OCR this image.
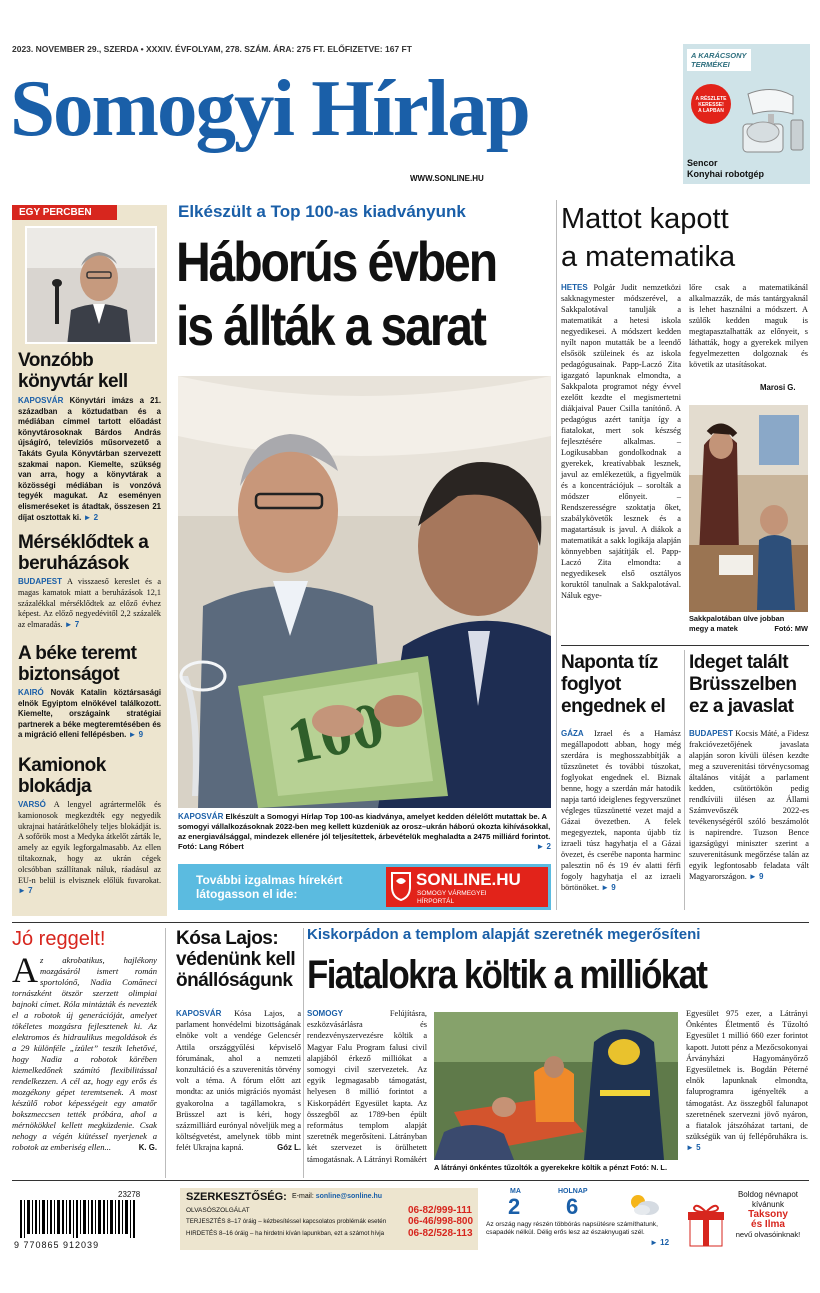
2023. NOVEMBER 29., SZERDA • XXXIV. ÉVFOLYAM, 278. SZÁM. ÁRA: 275 FT. ELŐFIZETVE: 167 FT
Somogyi Hírlap
WWW.SONLINE.HU
A KARÁCSONY
TERMÉKEI
A RÉSZLETE
KERESSE!
A LAPBAN
Sencor
Konyhai robotgép
EGY PERCBEN
Vonzóbb könyvtár kell
KAPOSVÁR Könyvtári imázs a 21. században a köztudatban és a médiában címmel tartott előadást könyvtárosoknak Bárdos András újságíró, televíziós műsorvezető a Takáts Gyula Könyvtárban szervezett szakmai napon. Kiemelte, szükség van arra, hogy a könyvtárak a közösségi médiában is vonzóvá tegyék magukat. Az eseményen elismeréseket is átadtak, összesen 21 díjat osztottak ki. ► 2
Mérséklődtek a beruházások
BUDAPEST A visszaeső kereslet és a magas kamatok miatt a beruházások 12,1 százalékkal mérséklődtek az előző évhez képest. Az előző negyedévitől 2,2 százalék az elmaradás. ► 7
A béke teremt biztonságot
KAIRÓ Novák Katalin köztársasági elnök Egyiptom elnökével találkozott. Kiemelte, országaink stratégiai partnerek a béke megteremtésében és a migráció elleni fellépésben. ► 9
Kamionok blokádja
VARSÓ A lengyel agrártermelők és kamionosok megkezdték egy negyedik ukrajnai határátkelőhely teljes blokádját is. A sofőrök most a Medyka átkelőt zárták le, amely az egyik legforgalmasabb. Az ellen tiltakoznak, hogy az ukrán cégek olcsóbban szállítanak náluk, ráadásul az EU-n belül is elvisznek előlük fuvarokat. ► 7
Elkészült a Top 100-as kiadványunk
Háborús évben
is állták a sarat
KAPOSVÁR Elkészült a Somogyi Hírlap Top 100-as kiadványa, amelyet kedden délelőtt mutattak be. A somogyi vállalkozásoknak 2022-ben meg kellett küzdeniük az orosz–ukrán háború okozta kihívásokkal, az energiaválsággal, mindezek ellenére jól teljesítettek, árbevételük meghaladta a 2475 milliárd forintot. Fotó: Lang Róbert	► 2
További izgalmas hírekért
látogasson el ide:
SONLINE.HU
SOMOGY VÁRMEGYEI
HÍRPORTÁL
Mattot kapott
a matematika
HETES Polgár Judit nemzetközi sakknagymester módszerével, a Sakkpalotával tanulják a matematikát a hetesi iskola negyedikesei. A módszert kedden nyílt napon mutatták be a leendő elsősök szüleinek és az iskola pedagógusainak. Papp-Laczó Zita igazgató lapunknak elmondta, a Sakkpalota programot négy évvel ezelőtt kezdte el megismertetni diákjaival Pauer Csilla tanítónő. A pedagógus azért tanítja így a fiatalokat, mert sok készség fejlesztésére alkalmas. – Logikusabban gondolkodnak a gyerekek, kreatívabbak lesznek, javul az emlékezetük, a figyelmük és a koncentrációjuk – sorolták a módszer előnyeit. – Rendszerességre szoktatja őket, szabálykövetők lesznek és a magatartásuk is javul. A diákok a matematikát a sakk logikája alapján könnyebben sajátítják el. Papp-Laczó Zita elmondta: a negyedikesek első osztályos koruktól tanulnak a Sakkpalotával. Náluk egye-
lőre csak a matematikánál alkalmazzák, de más tantárgyaknál is lehet használni a módszert. A szülők kedden maguk is megtapasztalhatták az előnyeit, s láthatták, hogy a gyerekek milyen fegyelmezetten dolgoznak és követik az utasításokat.
Marosi G.
Sakkpalotában ülve jobban
megy a matek	Fotó: MW
Naponta tíz foglyot engednek el
GÁZA Izrael és a Hamász megállapodott abban, hogy még szerdára is meghosszabbítják a tűzszünetet és további túszokat, foglyokat engednek el. Biznak benne, hogy a szerdán már hatodik napja tartó ideiglenes fegyverszünet végleges tűzszünetté vezet majd a Gázai övezetben. A felek megegyeztek, naponta újabb tíz izraeli túsz hagyhatja el a Gázai övezet, és cserébe naponta harminc palesztin nő és 19 év alatti férfi fogoly hagyhatja el az izraeli börtönöket. ► 9
Ideget talált Brüsszelben ez a javaslat
BUDAPEST Kocsis Máté, a Fidesz frakcióvezetőjének javaslata alapján soron kívüli ülésen kezdte meg a szuverenitási törvénycsomag általános vitáját a parlament kedden, csütörtökön pedig rendkívüli ülésen az Állami Számvevőszék 2022-es tevékenységéről szóló beszámolót is napirendre. Tuzson Bence igazságügyi miniszter szerint a szuverenitásunk megőrzése talán az egyik legfontosabb feladata vált Magyarországon. ► 9
Jó reggelt!
Az akrobatikus, hajlékony mozgásáról ismert román sportolónő, Nadia Comăneci tornászként ötször szerzett olimpiai bajnoki címet. Róla mintázták és nevezték el a robotok új generációját, amelyet tökéletes mozgásra fejlesztenek ki. Az elektromos és hidraulikus megoldások és a 29 különféle „ízület” teszik lehetővé, hogy Nadia a robotok körében kiemelkedőnek számító flexibilitással rendelkezzen. A cél az, hogy egy erős és mozgékony gépet teremtsenek. A most készülő robot képességeit egy amatőr bokszmeccsen tették próbára, ahol a mérnökökkel kellett megküzdenie. Csak nehogy a végén kiütéssel nyerjenek a robotok az emberiség ellen...	K. G.
Kósa Lajos: védenünk kell önállóságunk
KAPOSVÁR Kósa Lajos, a parlament honvédelmi bizottságának elnöke volt a vendége Gelencsér Attila országgyűlési képviselő fórumának, ahol a nemzeti konzultáció és a szuverenitás törvény volt a téma. A fórum előtt azt mondta: az uniós migrációs nyomást gyakorolna a tagállamokra, s Brüsszel azt is kéri, hogy százmilliárd eurónyal növeljük meg a költségvetést, amelynek több mint felét Ukrajna kapná.	Góz L.
Kiskorpádon a templom alapját szeretnék megerősíteni
Fiatalokra költik a milliókat
SOMOGY	Felújításra, eszközvásárlásra és rendezvényszervezésre költik a Magyar Falu Program falusi civil alapjából érkező milliókat a somogyi civil szervezetek. Az egyik legmagasabb támogatást, helyesen 8 millió forintot a Kiskorpádért Egyesület kapta. Az összegből az 1789-ben épült református templom alapját szeretnék megerősíteni. Látrányban két szervezet is örülhetett támogatásnak. A Látrányi Romákért
A látrányi önkéntes tűzoltók a gyerekekre költik a pénzt Fotó: N. L.
Egyesület 975 ezer, a Látrányi Önkéntes Életmentő és Tűzoltó Egyesület 1 millió 660 ezer forintot kapott. Jutott pénz a Mezőcsokonyai Árványházi Hagyományőrző Egyesületnek is. Bogdán Péterné elnök lapunknak elmondta, faluprogramra igényelték a támogatást. Az összegből falunapot szeretnének szervezni jövő nyáron, a fiatalok játszóházat tartani, de szükségük van új fellépőruhákra is. ► 5
23278
9 770865 912039
SZERKESZTŐSÉG: E-mail: sonline@sonline.hu
06-82/999-111
OLVASÓSZOLGÁLAT
TERJESZTÉS 8–17 óráig – kézbesítéssel kapcsolatos problémák esetén 06-46/998-800
HIRDETÉS 8–16 óráig – ha hirdetni kíván lapunkban, ezt a számot hívja 06-82/528-113
MA
2
HOLNAP
6
Az ország nagy részén többórás napsütésre számíthatunk, csapadék nélkül. Délig erős lesz az északnyugati szél.
► 12
Boldog névnapot
kívánunk
Taksony
és Ilma
nevű olvasóinknak!
